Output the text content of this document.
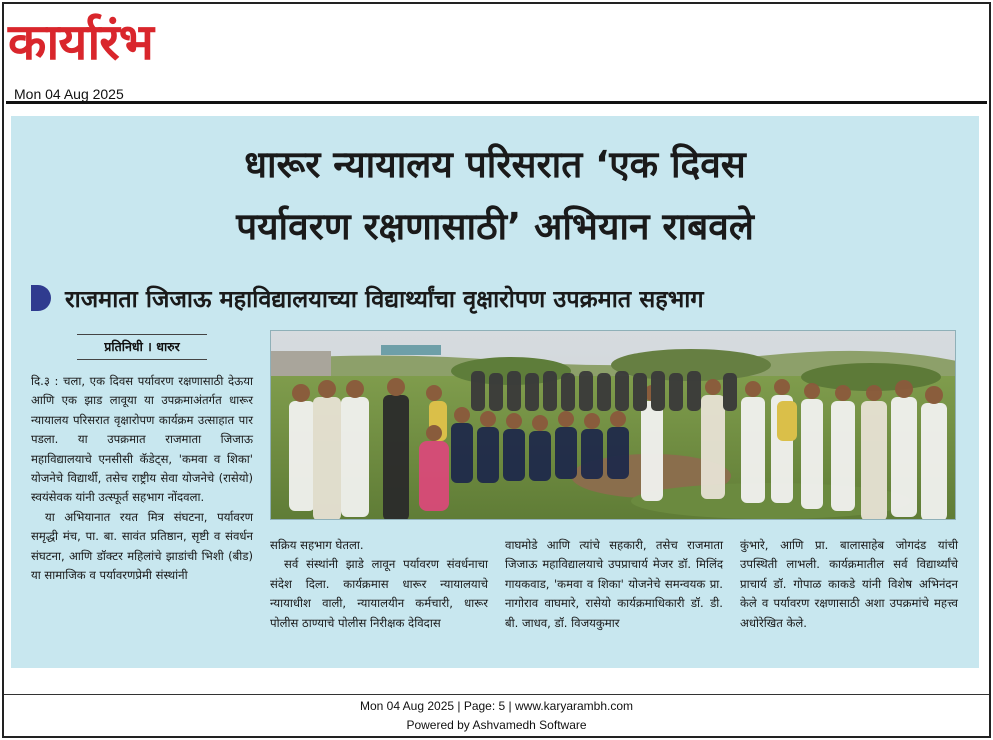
कार्यारंभ
Mon 04 Aug 2025
धारूर न्यायालय परिसरात ‘एक दिवस
पर्यावरण रक्षणासाठी’ अभियान राबवले
राजमाता जिजाऊ महाविद्यालयाच्या विद्यार्थ्यांचा वृक्षारोपण उपक्रमात सहभाग
प्रतिनिधी । धारुर

दि.३ : चला, एक दिवस पर्यावरण रक्षणासाठी देऊया आणि एक झाड लावूया या उपक्रमाअंतर्गत धारूर न्यायालय परिसरात वृक्षारोपण कार्यक्रम उत्साहात पार पडला. या उपक्रमात राजमाता जिजाऊ महाविद्यालयाचे एनसीसी कॅडेट्स, 'कमवा व शिका' योजनेचे विद्यार्थी, तसेच राष्ट्रीय सेवा योजनेचे (रासेयो) स्वयंसेवक यांनी उत्स्फूर्त सहभाग नोंदवला.

या अभियानात रयत मित्र संघटना, पर्यावरण समृद्धी मंच, पा. बा. सावंत प्रतिष्ठान, सृष्टी व संवर्धन संघटना, आणि डॉक्टर महिलांचे झाडांची भिशी (बीड) या सामाजिक व पर्यावरणप्रेमी संस्थांनी

सक्रिय सहभाग घेतला.

सर्व संस्थांनी झाडे लावून पर्यावरण संवर्धनाचा संदेश दिला. कार्यक्रमास धारूर न्यायालयाचे न्यायाधीश वाली, न्यायालयीन कर्मचारी, धारूर पोलीस ठाण्याचे पोलीस निरीक्षक देविदास

वाघमोडे आणि त्यांचे सहकारी, तसेच राजमाता जिजाऊ महाविद्यालयाचे उपप्राचार्य मेजर डॉ. मिलिंद गायकवाड, 'कमवा व शिका' योजनेचे समन्वयक प्रा. नागोराव वाघमारे, रासेयो कार्यक्रमाधिकारी डॉ. डी. बी. जाधव, डॉ. विजयकुमार

कुंभारे, आणि प्रा. बालासाहेब जोगदंड यांची उपस्थिती लाभली. कार्यक्रमातील सर्व विद्यार्थ्यांचे प्राचार्य डॉ. गोपाळ काकडे यांनी विशेष अभिनंदन केले व पर्यावरण रक्षणासाठी अशा उपक्रमांचे महत्त्व अधोरेखित केले.

Mon 04 Aug 2025 | Page: 5 | www.karyarambh.com
Powered by Ashvamedh Software
